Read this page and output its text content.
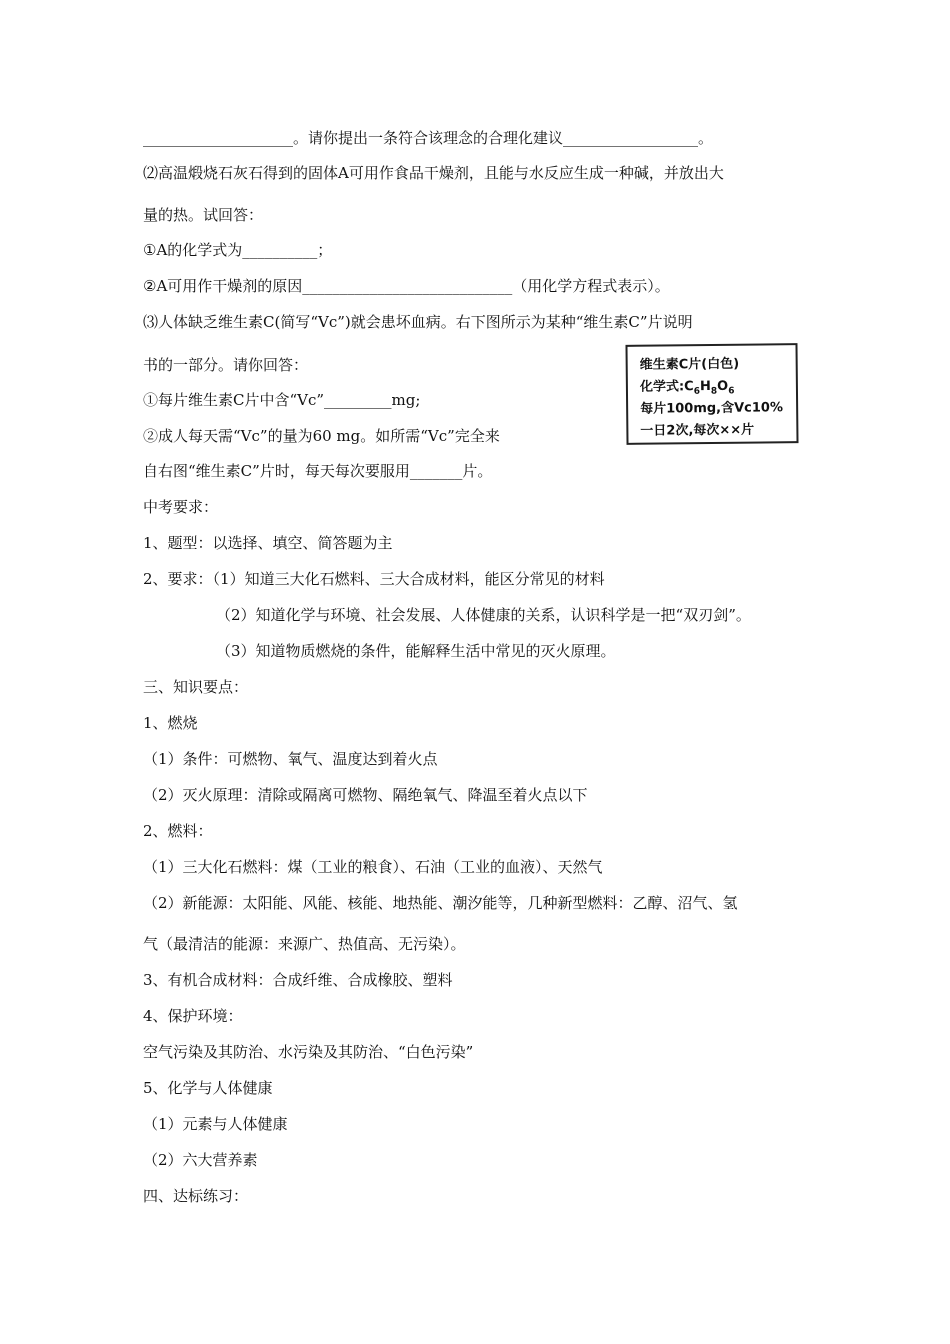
____________________。请你提出一条符合该理念的合理化建议__________________。
⑵高温煅烧石灰石得到的固体A可用作食品干燥剂，且能与水反应生成一种碱，并放出大
量的热。试回答：
①A的化学式为__________；
②A可用作干燥剂的原因____________________________（用化学方程式表示）。
⑶人体缺乏维生素C(简写“Vc”)就会患坏血病。右下图所示为某种“维生素C”片说明
书的一部分。请你回答：
①每片维生素C片中含“Vc”_________mg;
②成人每天需“Vc”的量为60 mg。如所需“Vc”完全来
自右图“维生素C”片时，每天每次要服用_______片。
维生素C片(白色)
化学式$:C_6H_8O_6$
每片100mg,含Vc10%
一日2次,每次××片
中考要求：
1、题型：以选择、填空、简答题为主
2、要求：（1）知道三大化石燃料、三大合成材料，能区分常见的材料
（2）知道化学与环境、社会发展、人体健康的关系，认识科学是一把“双刃剑”。
（3）知道物质燃烧的条件，能解释生活中常见的灭火原理。
三、知识要点：
1、燃烧
（1）条件：可燃物、氧气、温度达到着火点
（2）灭火原理：清除或隔离可燃物、隔绝氧气、降温至着火点以下
2、燃料：
（1）三大化石燃料：煤（工业的粮食）、石油（工业的血液）、天然气
（2）新能源：太阳能、风能、核能、地热能、潮汐能等，几种新型燃料：乙醇、沼气、氢
气（最清洁的能源：来源广、热值高、无污染）。
3、有机合成材料：合成纤维、合成橡胶、塑料
4、保护环境：
空气污染及其防治、水污染及其防治、“白色污染”
5、化学与人体健康
（1）元素与人体健康
（2）六大营养素
四、达标练习：
